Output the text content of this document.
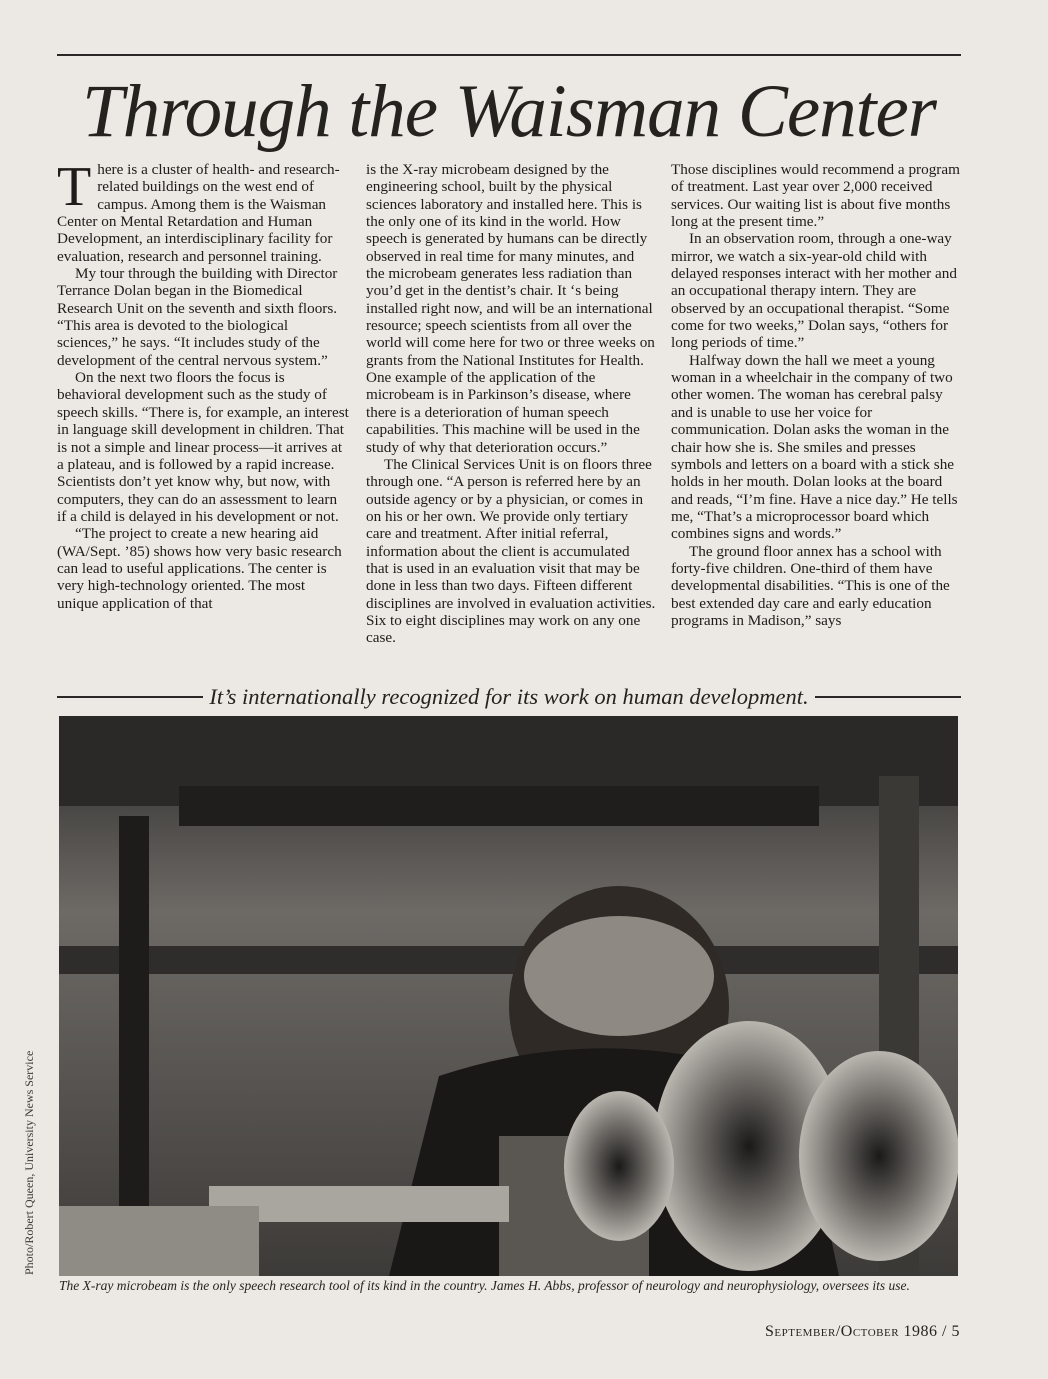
Through the Waisman Center

There is a cluster of health- and research-related buildings on the west end of campus. Among them is the Waisman Center on Mental Retardation and Human Development, an interdisciplinary facility for evaluation, research and personnel training.

My tour through the building with Director Terrance Dolan began in the Biomedical Research Unit on the seventh and sixth floors. “This area is devoted to the biological sciences,” he says. “It includes study of the development of the central nervous system.”

On the next two floors the focus is behavioral development such as the study of speech skills. “There is, for example, an interest in language skill development in children. That is not a simple and linear process—it arrives at a plateau, and is followed by a rapid increase. Scientists don’t yet know why, but now, with computers, they can do an assessment to learn if a child is delayed in his development or not.

“The project to create a new hearing aid (WA/Sept. ’85) shows how very basic research can lead to useful applications. The center is very high-technology oriented. The most unique application of that

is the X-ray microbeam designed by the engineering school, built by the physical sciences laboratory and installed here. This is the only one of its kind in the world. How speech is generated by humans can be directly observed in real time for many minutes, and the microbeam generates less radiation than you’d get in the dentist’s chair. It ‘s being installed right now, and will be an international resource; speech scientists from all over the world will come here for two or three weeks on grants from the National Institutes for Health. One example of the application of the microbeam is in Parkinson’s disease, where there is a deterioration of human speech capabilities. This machine will be used in the study of why that deterioration occurs.”

The Clinical Services Unit is on floors three through one. “A person is referred here by an outside agency or by a physician, or comes in on his or her own. We provide only tertiary care and treatment. After initial referral, information about the client is accumulated that is used in an evaluation visit that may be done in less than two days. Fifteen different disciplines are involved in evaluation activities. Six to eight disciplines may work on any one case.

Those disciplines would recommend a program of treatment. Last year over 2,000 received services. Our waiting list is about five months long at the present time.”

In an observation room, through a one-way mirror, we watch a six-year-old child with delayed responses interact with her mother and an occupational therapy intern. They are observed by an occupational therapist. “Some come for two weeks,” Dolan says, “others for long periods of time.”

Halfway down the hall we meet a young woman in a wheelchair in the company of two other women. The woman has cerebral palsy and is unable to use her voice for communication. Dolan asks the woman in the chair how she is. She smiles and presses symbols and letters on a board with a stick she holds in her mouth. Dolan looks at the board and reads, “I’m fine. Have a nice day.” He tells me, “That’s a microprocessor board which combines signs and words.”

The ground floor annex has a school with forty-five children. One-third of them have developmental disabilities. “This is one of the best extended day care and early education programs in Madison,” says

It’s internationally recognized for its work on human development.
Photo/Robert Queen, University News Service

The X-ray microbeam is the only speech research tool of its kind in the country. James H. Abbs, professor of neurology and neurophysiology, oversees its use.

September/October 1986 / 5
